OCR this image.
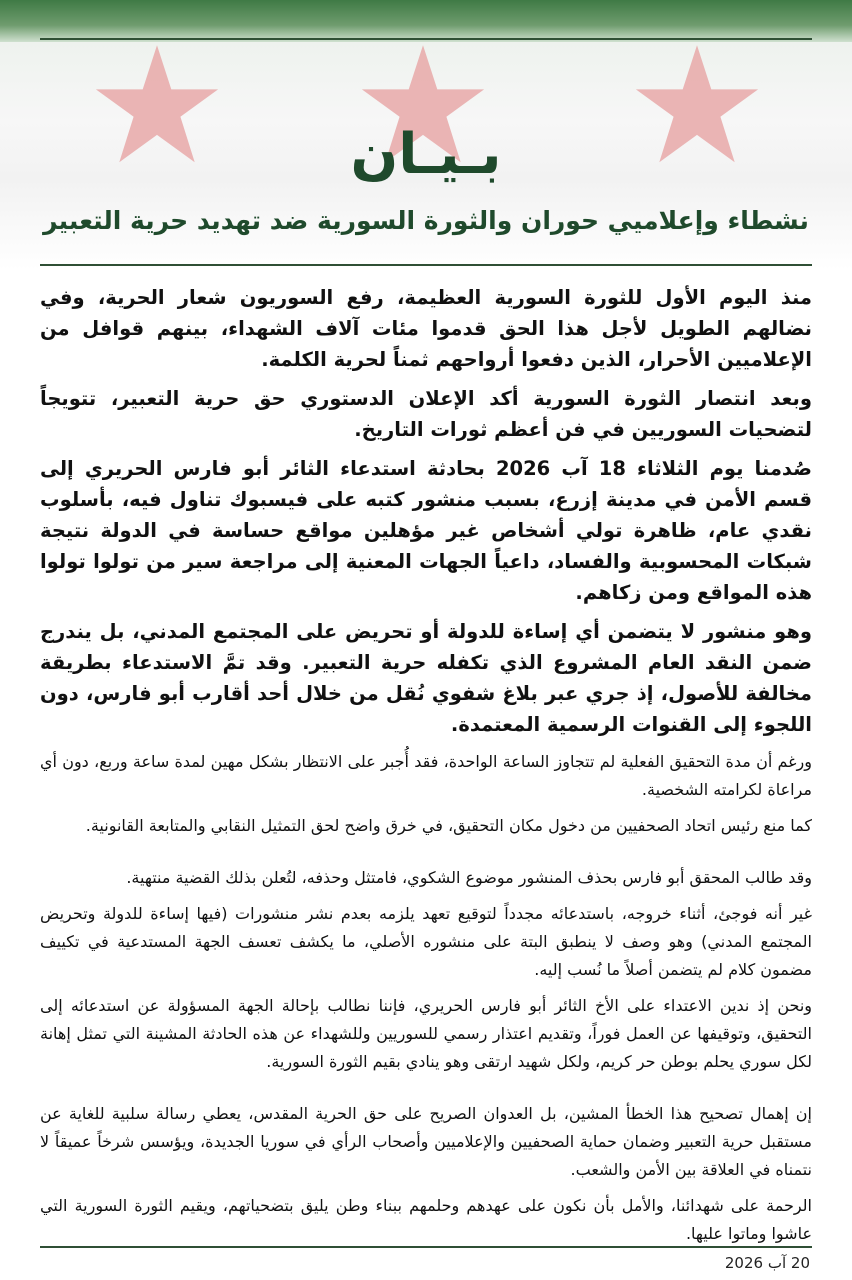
بـيـان
نشطاء وإعلاميي حوران والثورة السورية ضد تهديد حرية التعبير

منذ اليوم الأول للثورة السورية العظيمة، رفع السوريون شعار الحرية، وفي نضالهم الطويل لأجل هذا الحق قدموا مئات آلاف الشهداء، بينهم قوافل من الإعلاميين الأحرار، الذين دفعوا أرواحهم ثمناً لحرية الكلمة.

وبعد انتصار الثورة السورية أكد الإعلان الدستوري حق حرية التعبير، تتويجاً لتضحيات السوريين في فن أعظم ثورات التاريخ.

صُدمنا يوم الثلاثاء 18 آب 2026 بحادثة استدعاء الثائر أبو فارس الحريري إلى قسم الأمن في مدينة إزرع، بسبب منشور كتبه على فيسبوك تناول فيه، بأسلوب نقدي عام، ظاهرة تولي أشخاص غير مؤهلين مواقع حساسة في الدولة نتيجة شبكات المحسوبية والفساد، داعياً الجهات المعنية إلى مراجعة سير من تولوا تولوا هذه المواقع ومن زكاهم.

وهو منشور لا يتضمن أي إساءة للدولة أو تحريض على المجتمع المدني، بل يندرج ضمن النقد العام المشروع الذي تكفله حرية التعبير. وقد تمَّ الاستدعاء بطريقة مخالفة للأصول، إذ جري عبر بلاغ شفوي نُقل من خلال أحد أقارب أبو فارس، دون اللجوء إلى القنوات الرسمية المعتمدة.

ورغم أن مدة التحقيق الفعلية لم تتجاوز الساعة الواحدة، فقد أُجبر على الانتظار بشكل مهين لمدة ساعة وربع، دون أي مراعاة لكرامته الشخصية.

كما منع رئيس اتحاد الصحفيين من دخول مكان التحقيق، في خرق واضح لحق التمثيل النقابي والمتابعة القانونية.

وقد طالب المحقق أبو فارس بحذف المنشور موضوع الشكوي، فامتثل وحذفه، لتُعلن بذلك القضية منتهية.

غير أنه فوجئ، أثناء خروجه، باستدعائه مجدداً لتوقيع تعهد يلزمه بعدم نشر منشورات (فيها إساءة للدولة وتحريض المجتمع المدني) وهو وصف لا ينطبق البتة على منشوره الأصلي، ما يكشف تعسف الجهة المستدعية في تكييف مضمون كلام لم يتضمن أصلاً ما نُسب إليه.

ونحن إذ ندين الاعتداء على الأخ الثائر أبو فارس الحريري، فإننا نطالب بإحالة الجهة المسؤولة عن استدعائه إلى التحقيق، وتوقيفها عن العمل فوراً، وتقديم اعتذار رسمي للسوريين وللشهداء عن هذه الحادثة المشينة التي تمثل إهانة لكل سوري يحلم بوطن حر كريم، ولكل شهيد ارتقى وهو ينادي بقيم الثورة السورية.

إن إهمال تصحيح هذا الخطأ المشين، بل العدوان الصريح على حق الحرية المقدس، يعطي رسالة سلبية للغاية عن مستقبل حرية التعبير وضمان حماية الصحفيين والإعلاميين وأصحاب الرأي في سوريا الجديدة، ويؤسس شرخاً عميقاً لا نتمناه في العلاقة بين الأمن والشعب.

الرحمة على شهدائنا، والأمل بأن نكون على عهدهم وحلمهم ببناء وطن يليق بتضحياتهم، ويقيم الثورة السورية التي عاشوا وماتوا عليها.

20 آب 2026
